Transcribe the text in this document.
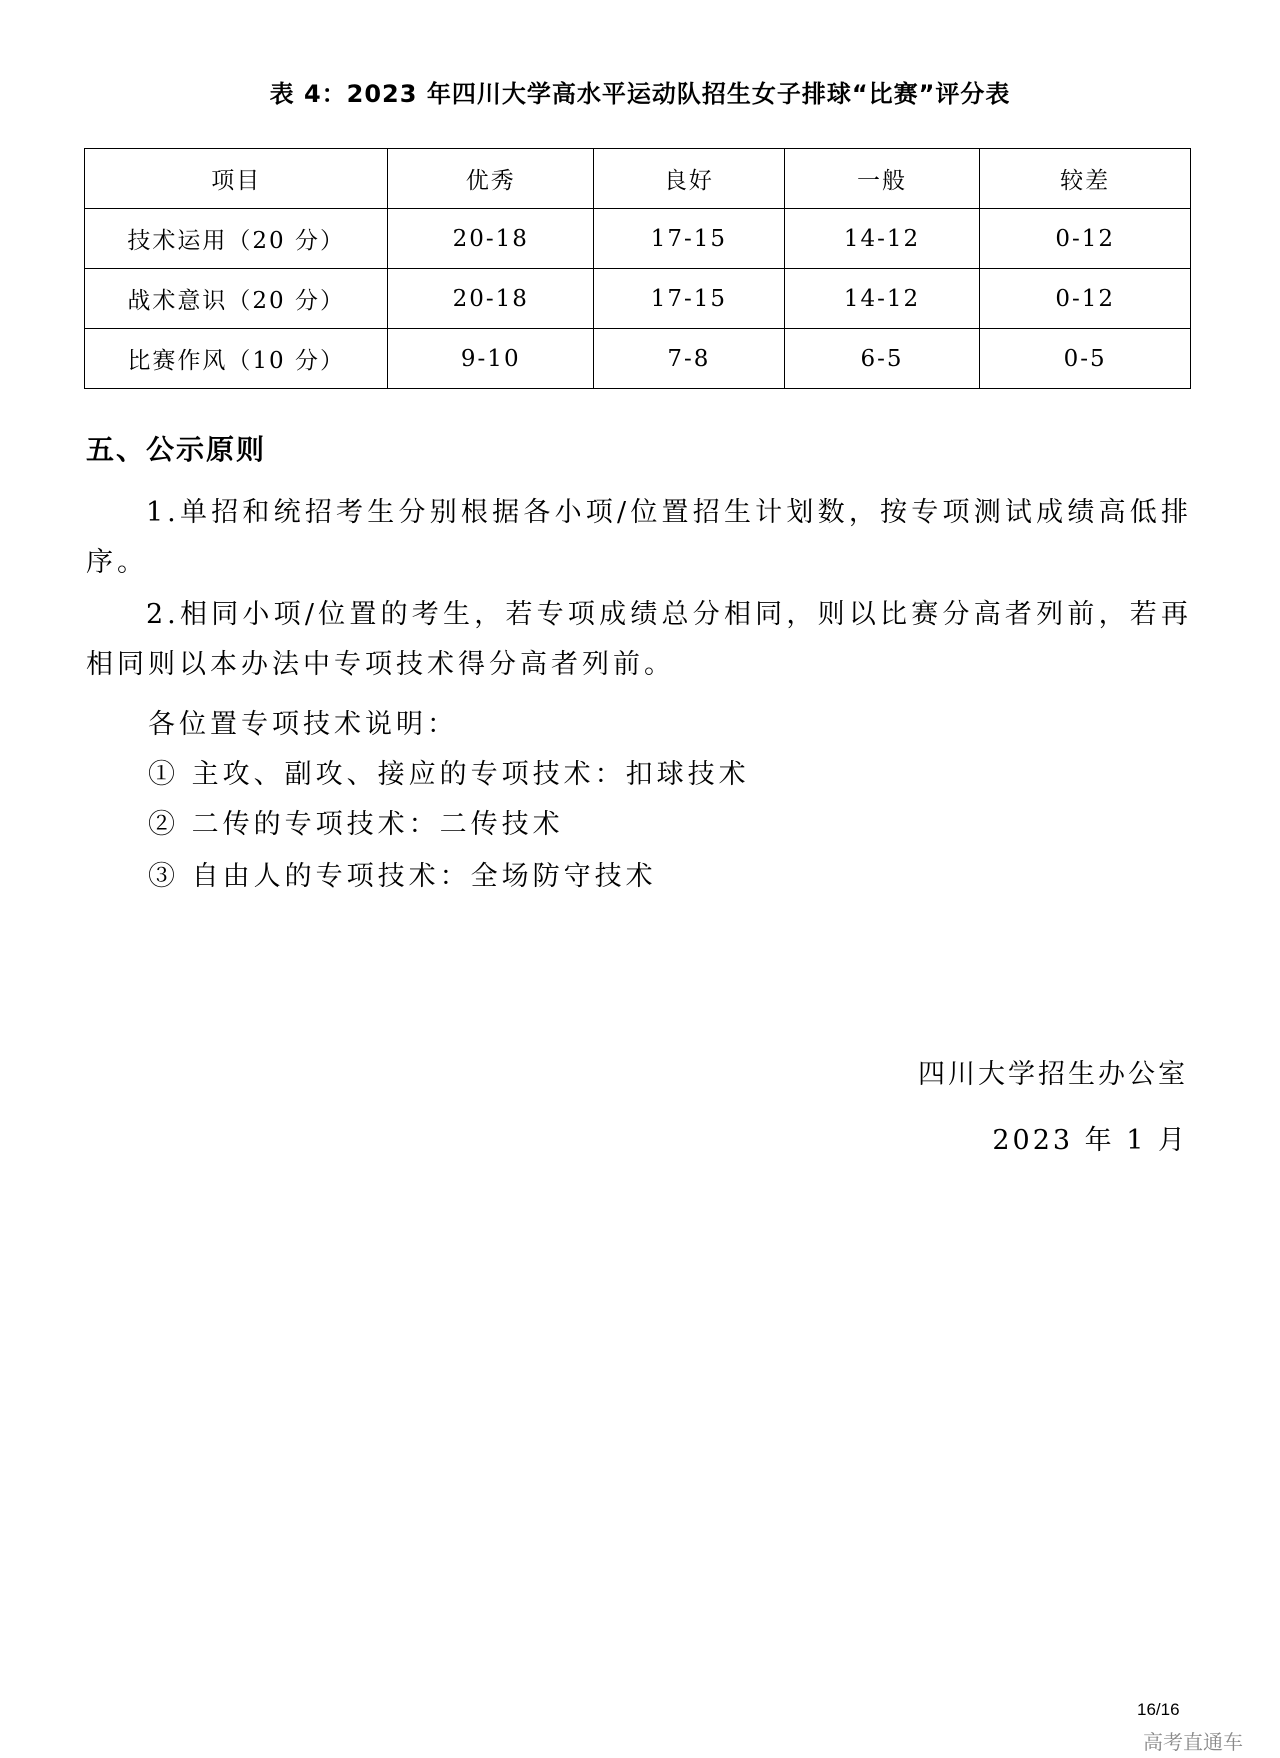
表 4：2023 年四川大学高水平运动队招生女子排球“比赛”评分表
项目	优秀	良好	一般	较差
技术运用（20 分）	20-18	17-15	14-12	0-12
战术意识（20 分）	20-18	17-15	14-12	0-12
比赛作风（10 分）	9-10	7-8	6-5	0-5
五、公示原则
1.单招和统招考生分别根据各小项/位置招生计划数，按专项测试成绩高低排序。
2.相同小项/位置的考生，若专项成绩总分相同，则以比赛分高者列前，若再相同则以本办法中专项技术得分高者列前。
各位置专项技术说明：
① 主攻、副攻、接应的专项技术：扣球技术
② 二传的专项技术：二传技术
③ 自由人的专项技术：全场防守技术
四川大学招生办公室
2023 年 1 月
16/16
高考直通车
